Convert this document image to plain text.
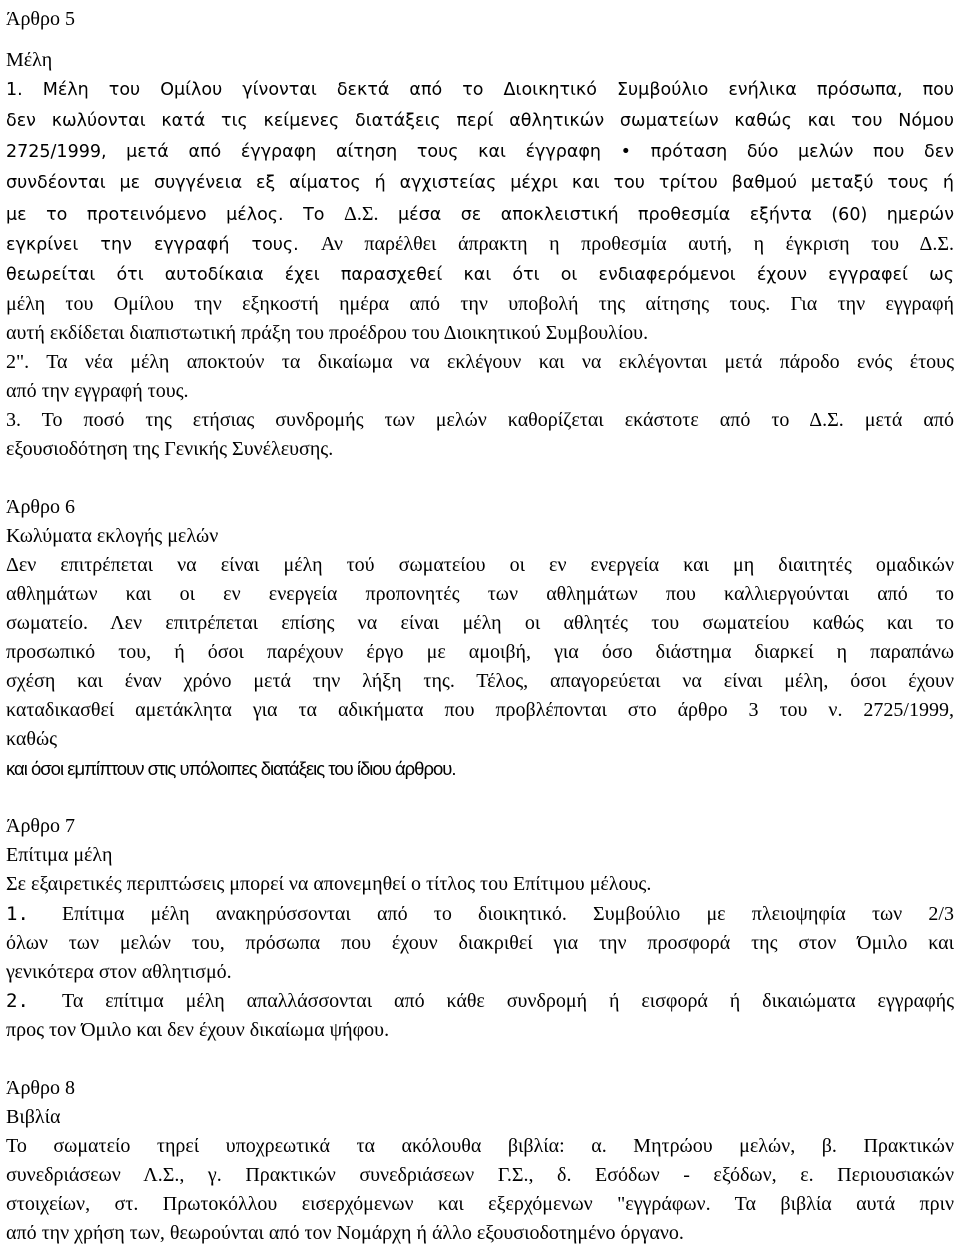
Άρθρο 5
Μέλη
1. Μέλη του Ομίλου γίνονται δεκτά από το Διοικητικό Συμβούλιο ενήλικα πρόσωπα, που
δεν κωλύονται κατά τις κείμενες διατάξεις περί αθλητικών σωματείων καθώς και του Νόμου
2725/1999, μετά από έγγραφη αίτηση τους και έγγραφη • πρόταση δύο μελών που δεν
συνδέονται με συγγένεια εξ αίματος ή αγχιστείας μέχρι και του τρίτου βαθμού μεταξύ τους ή
με το προτεινόμενο μέλος. Το Δ.Σ. μέσα σε αποκλειστική προθεσμία εξήντα (60) ημερών
εγκρίνει την εγγραφή τους. Αν παρέλθει άπρακτη η προθεσμία αυτή, η έγκριση του Δ.Σ.
θεωρείται ότι αυτοδίκαια έχει παρασχεθεί και ότι οι ενδιαφερόμενοι έχουν εγγραφεί ως
μέλη του Ομίλου την εξηκοστή ημέρα από την υποβολή της αίτησης τους. Για την εγγραφή
αυτή εκδίδεται διαπιστωτική πράξη του προέδρου του Διοικητικού Συμβουλίου.
2". Τα νέα μέλη αποκτούν τα δικαίωμα να εκλέγουν και να εκλέγονται μετά πάροδο ενός έτους
από την εγγραφή τους.
3. Το ποσό της ετήσιας συνδρομής των μελών καθορίζεται εκάστοτε από το Δ.Σ. μετά από
εξουσιοδότηση της Γενικής Συνέλευσης.
Άρθρο 6
Κωλύματα εκλογής μελών
Δεν επιτρέπεται να είναι μέλη τού σωματείου οι εν ενεργεία και μη διαιτητές ομαδικών
αθλημάτων και οι εν ενεργεία προπονητές των αθλημάτων που καλλιεργούνται από το
σωματείο. Λεν επιτρέπεται επίσης να είναι μέλη οι αθλητές του σωματείου καθώς και το
προσωπικό του, ή όσοι παρέχουν έργο με αμοιβή, για όσο διάστημα διαρκεί η παραπάνω
σχέση και έναν χρόνο μετά την λήξη της. Τέλος, απαγορεύεται να είναι μέλη, όσοι έχουν
καταδικασθεί αμετάκλητα για τα αδικήματα που προβλέπονται στο άρθρο 3 του ν. 2725/1999,
καθώς
και όσοι εμπίπτουν στις υπόλοιπες διατάξεις του ίδιου άρθρου.
Άρθρο 7
Επίτιμα μέλη
Σε εξαιρετικές περιπτώσεις μπορεί να απονεμηθεί ο τίτλος του Επίτιμου μέλους.
1. Επίτιμα μέλη ανακηρύσσονται από το διοικητικό. Συμβούλιο με πλειοψηφία των 2/3
όλων των μελών του, πρόσωπα που έχουν διακριθεί για την προσφορά της στον Όμιλο και
γενικότερα στον αθλητισμό.
2. Τα επίτιμα μέλη απαλλάσσονται από κάθε συνδρομή ή εισφορά ή δικαιώματα εγγραφής
προς τον Όμιλο και δεν έχουν δικαίωμα ψήφου.
Άρθρο 8
Βιβλία
Το σωματείο τηρεί υποχρεωτικά τα ακόλουθα βιβλία: α. Μητρώου μελών, β. Πρακτικών
συνεδριάσεων Λ.Σ., γ. Πρακτικών συνεδριάσεων Γ.Σ., δ. Εσόδων - εξόδων, ε. Περιουσιακών
στοιχείων, στ. Πρωτοκόλλου εισερχόμενων και εξερχόμενων "εγγράφων. Τα βιβλία αυτά πριν
από την χρήση των, θεωρούνται από τον Νομάρχη ή άλλο εξουσιοδοτημένο όργανο.
